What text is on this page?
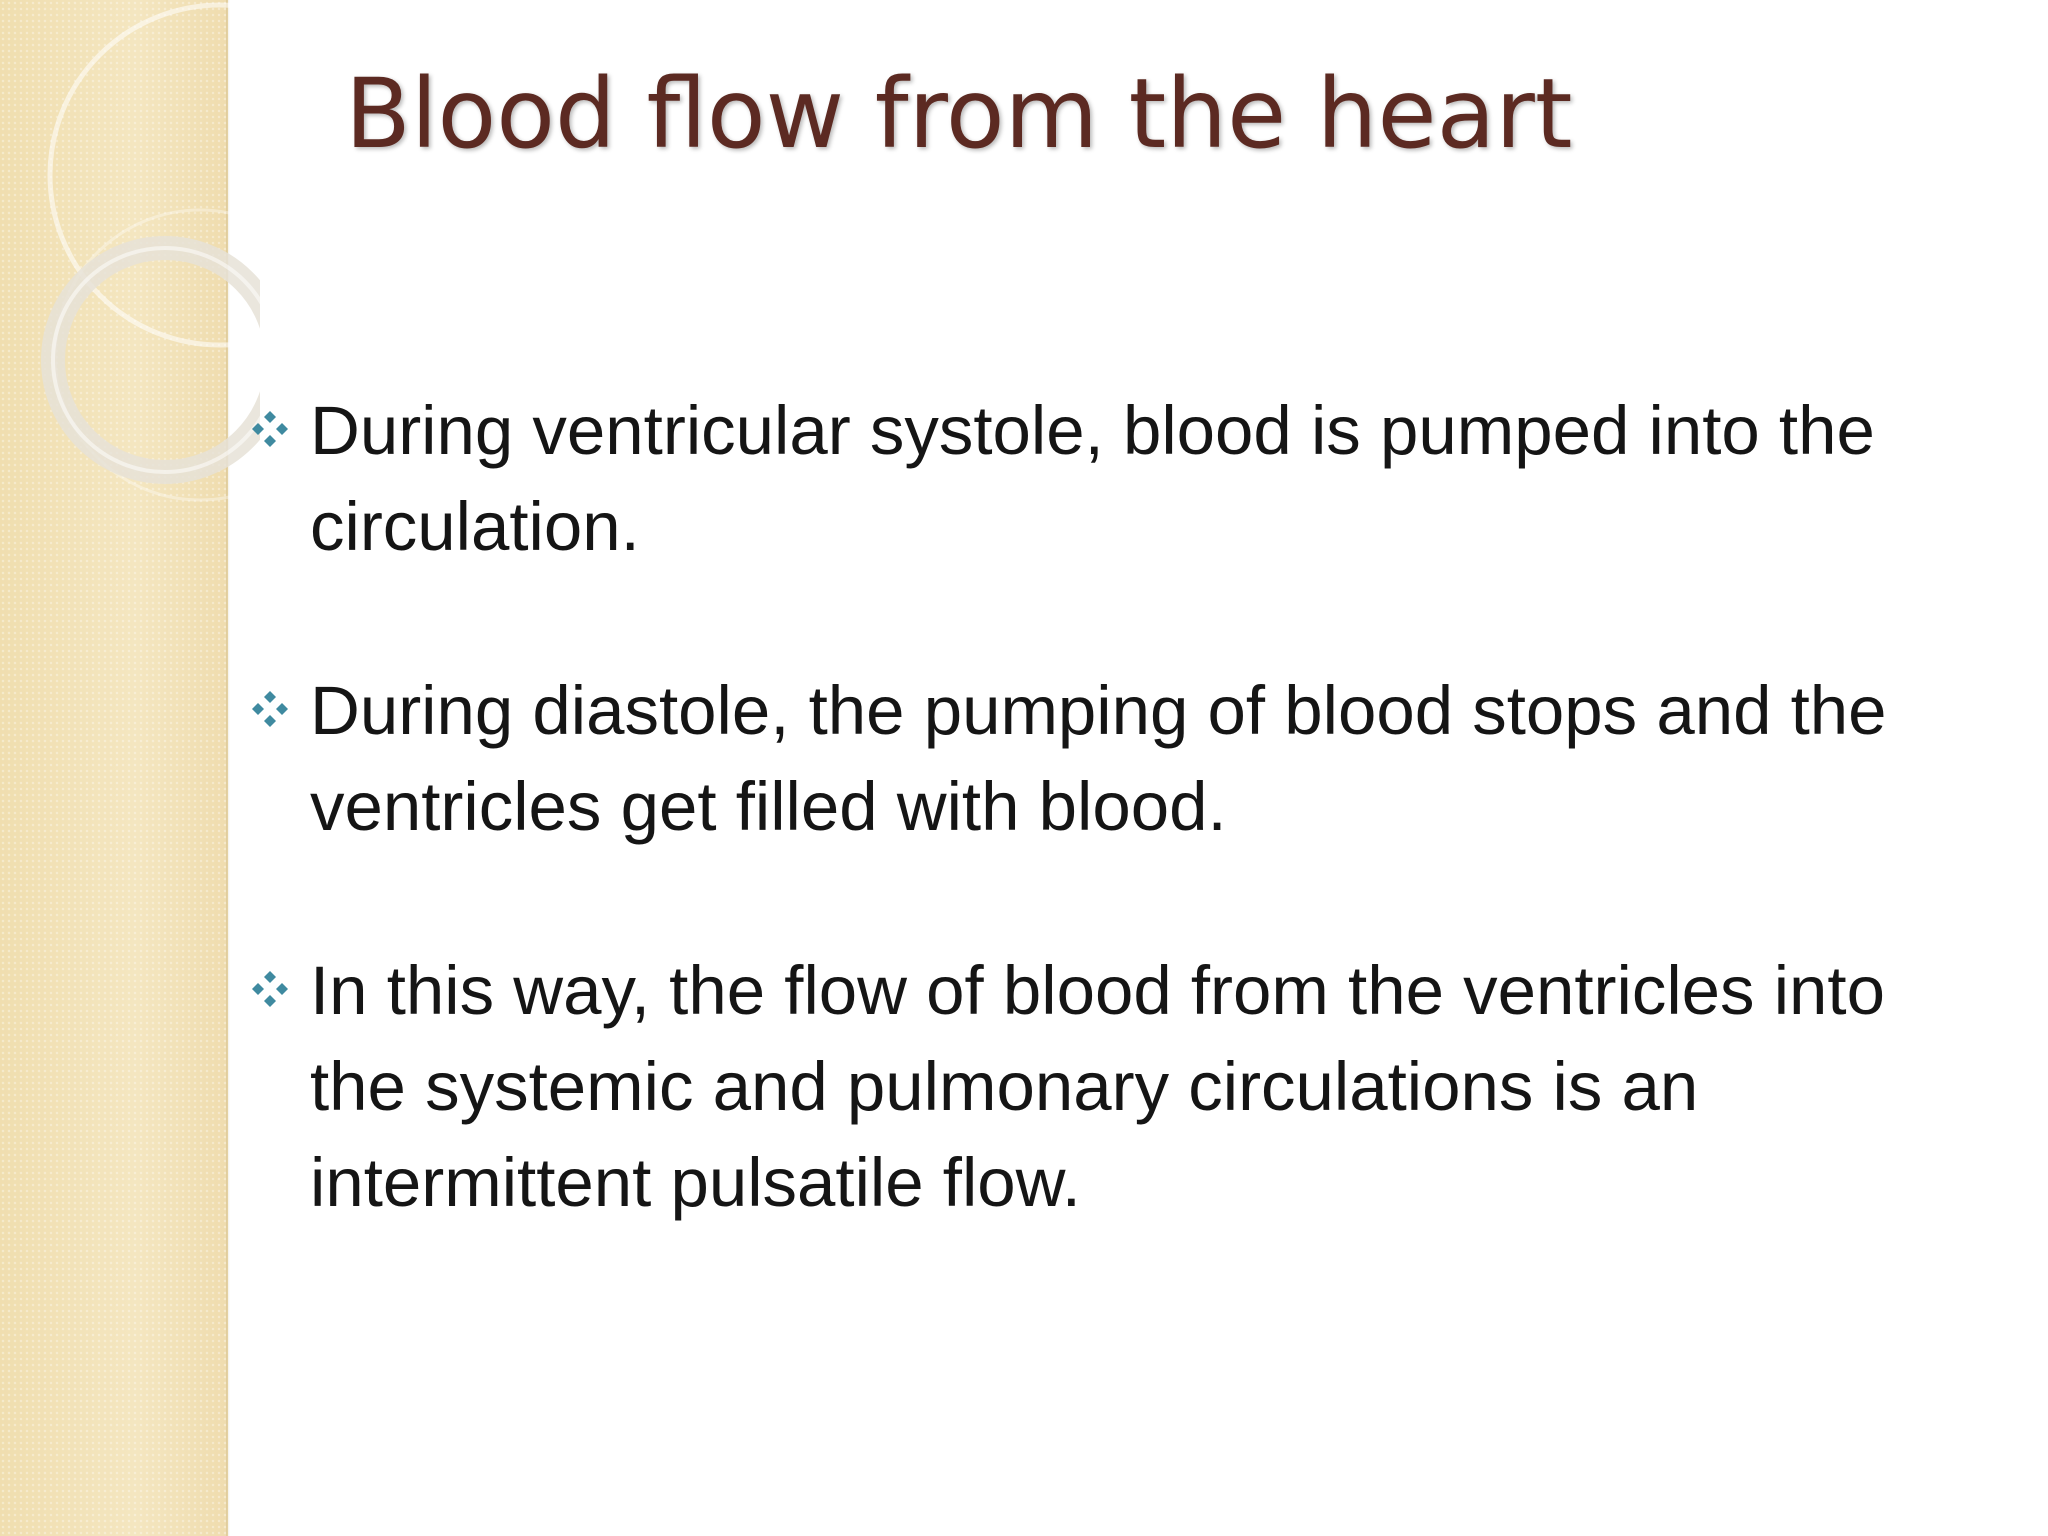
Blood flow from the heart
During ventricular systole, blood is pumped into the circulation.
During diastole, the pumping of blood stops and the ventricles get filled with blood.
In this way, the flow of blood from the ventricles into the systemic and pulmonary circulations is an intermittent pulsatile flow.
